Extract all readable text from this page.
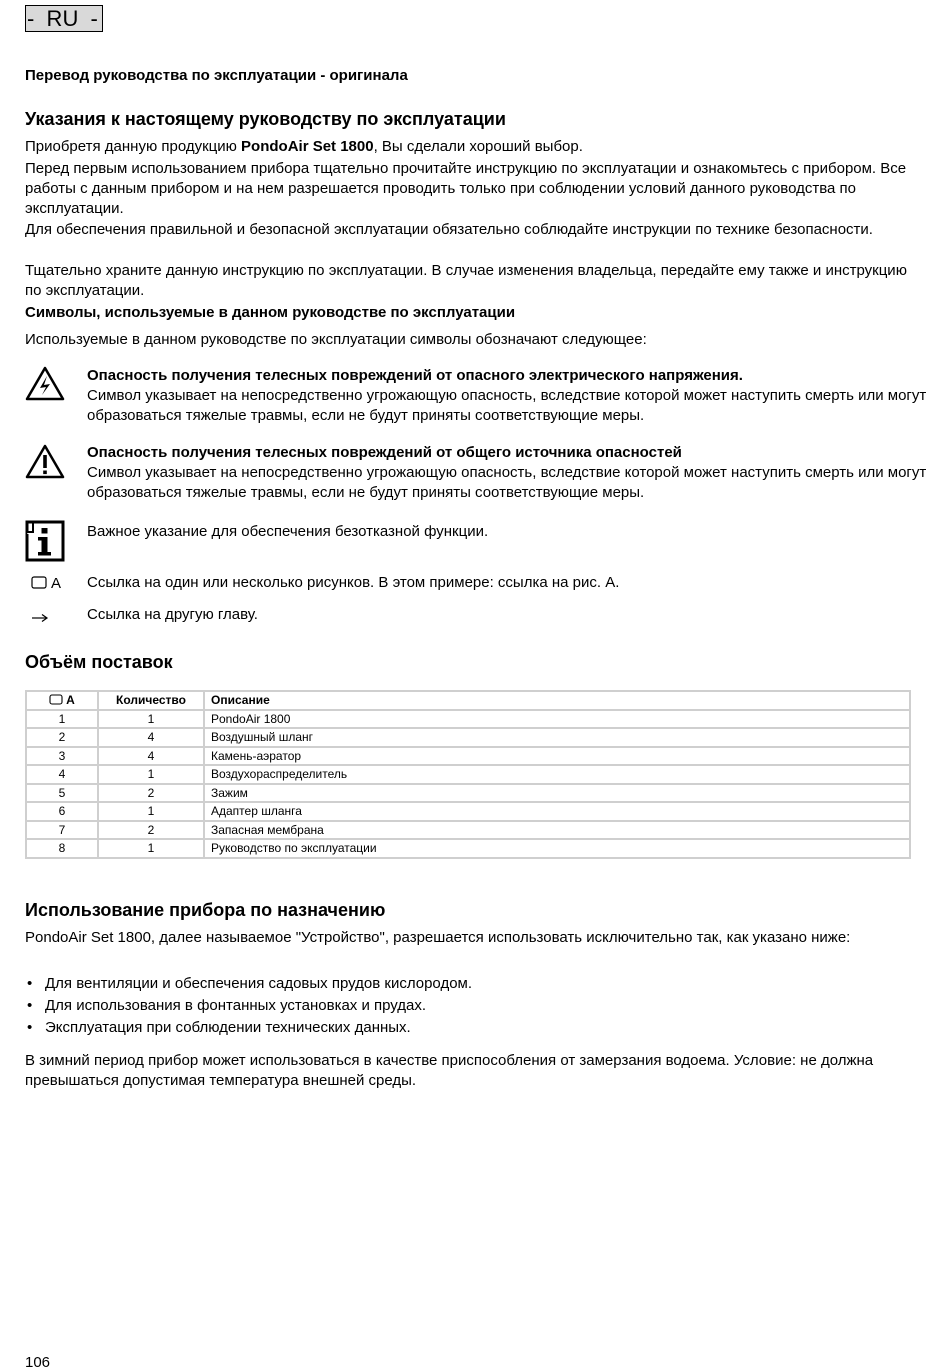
-  RU  -
Перевод руководства по эксплуатации - оригинала
Указания к настоящему руководству по эксплуатации
Приобретя данную продукцию PondoAir Set 1800, Вы сделали хороший выбор.
Перед первым использованием прибора тщательно прочитайте инструкцию по эксплуатации и ознакомьтесь с прибором. Все работы с данным прибором и на нем разрешается проводить только при соблюдении условий данного руководства по эксплуатации.
Для обеспечения правильной и безопасной эксплуатации обязательно соблюдайте инструкции по технике безопасности.
Тщательно храните данную инструкцию по эксплуатации. В случае изменения владельца, передайте ему также и инструкцию по эксплуатации.
Символы, используемые в данном руководстве по эксплуатации
Используемые в данном руководстве по эксплуатации символы обозначают следующее:
Опасность получения телесных повреждений от опасного электрического напряжения.
Символ указывает на непосредственно угрожающую опасность, вследствие которой может наступить смерть или могут образоваться тяжелые травмы, если не будут приняты соответствующие меры.
Опасность получения телесных повреждений от общего источника опасностей
Символ указывает на непосредственно угрожающую опасность, вследствие которой может наступить смерть или могут образоваться тяжелые травмы, если не будут приняты соответствующие меры.
Важное указание для обеспечения безотказной функции.
A Ссылка на один или несколько рисунков. В этом примере: ссылка на рис. A.
Ссылка на другую главу.
Объём поставок
A	Количество	Описание
1	1	PondoAir 1800
2	4	Воздушный шланг
3	4	Камень-аэратор
4	1	Воздухораспределитель
5	2	Зажим
6	1	Адаптер шланга
7	2	Запасная мембрана
8	1	Руководство по эксплуатации
Использование прибора по назначению
PondoAir Set 1800, далее называемое "Устройство", разрешается использовать исключительно так, как указано ниже:
• Для вентиляции и обеспечения садовых прудов кислородом.
• Для использования в фонтанных установках и прудах.
• Эксплуатация при соблюдении технических данных.
В зимний период прибор может использоваться в качестве приспособления от замерзания водоема. Условие: не должна превышаться допустимая температура внешней среды.
106
